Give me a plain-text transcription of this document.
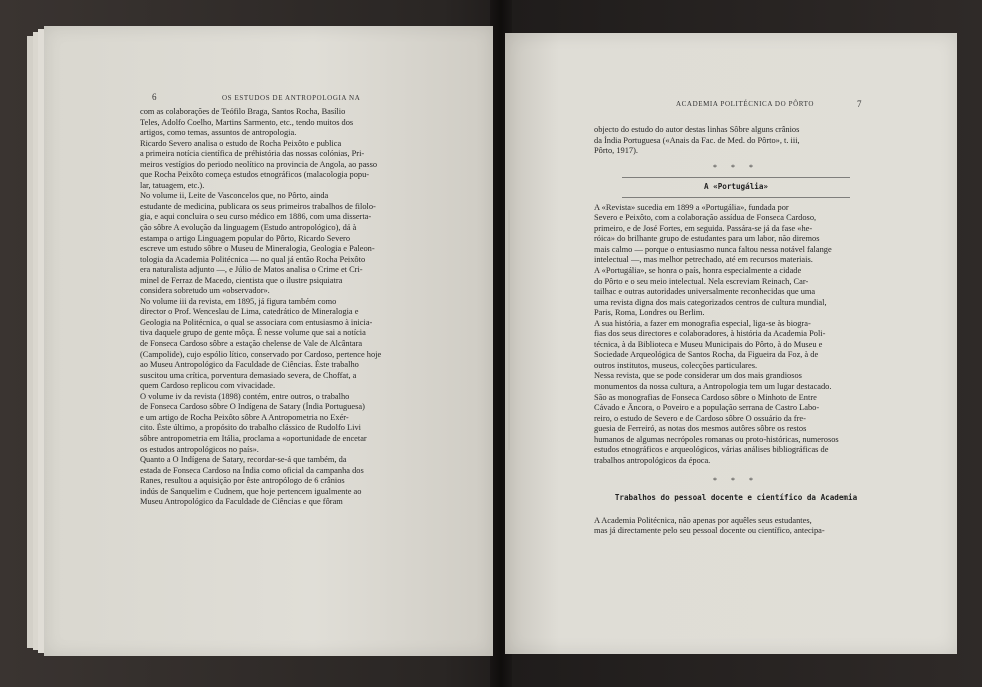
6	OS ESTUDOS DE ANTROPOLOGIA NA
com as colaborações de Teófilo Braga, Santos Rocha, Basílio
Teles, Adolfo Coelho, Martins Sarmento, etc., tendo muitos dos
artigos, como temas, assuntos de antropologia.
Ricardo Severo analisa o estudo de Rocha Peixôto e publica
a primeira notícia científica de préhistória das nossas colónias, Pri-
meiros vestígios do periodo neolítico na provincia de Angola, ao passo
que Rocha Peixôto começa estudos etnográficos (malacologia popu-
lar, tatuagem, etc.).
No volume ii, Leite de Vasconcelos que, no Pôrto, ainda
estudante de medicina, publicara os seus primeiros trabalhos de filolo-
gia, e aqui concluira o seu curso médico em 1886, com uma disserta-
ção sôbre A evolução da linguagem (Estudo antropológico), dá à
estampa o artigo Linguagem popular do Pôrto, Ricardo Severo
escreve um estudo sôbre o Museu de Mineralogia, Geologia e Paleon-
tologia da Academia Politécnica — no qual já então Rocha Peixôto
era naturalista adjunto —, e Júlio de Matos analisa o Crime et Cri-
minel de Ferraz de Macedo, cientista que o ilustre psiquiatra
considera sobretudo um «observador».
No volume iii da revista, em 1895, já figura também como
director o Prof. Wenceslau de Lima, catedrático de Mineralogia e
Geologia na Politécnica, o qual se associara com entusiasmo à inicia-
tiva daquele grupo de gente môça. É nesse volume que sai a notícia
de Fonseca Cardoso sôbre a estação chelense de Vale de Alcântara
(Campolide), cujo espólio lítico, conservado por Cardoso, pertence hoje
ao Museu Antropológico da Faculdade de Ciências. Éste trabalho
suscitou uma crítica, porventura demasiado severa, de Choffat, a
quem Cardoso replicou com vivacidade.
O volume iv da revista (1898) contém, entre outros, o trabalho
de Fonseca Cardoso sôbre O Indígena de Satary (Índia Portuguesa)
e um artigo de Rocha Peixôto sôbre A Antropometria no Exér-
cito. Éste último, a propósito do trabalho clássico de Rudolfo Livi
sôbre antropometria em Itália, proclama a «oportunidade de encetar
os estudos antropológicos no país».
Quanto a O Indígena de Satary, recordar-se-á que também, da
estada de Fonseca Cardoso na Índia como oficial da campanha dos
Ranes, resultou a aquisição por êste antropólogo de 6 crânios
indús de Sanquelim e Cudnem, que hoje pertencem igualmente ao
Museu Antropológico da Faculdade de Ciências e que fôram
ACADEMIA POLITÉCNICA DO PÔRTO	7
objecto do estudo do autor destas linhas Sôbre alguns crânios
da Índia Portuguesa («Anais da Fac. de Med. do Pôrto», t. iii,
Pôrto, 1917).
* * *
A «Portugália»
A «Revista» sucedia em 1899 a «Portugália», fundada por
Severo e Peixôto, com a colaboração assídua de Fonseca Cardoso,
primeiro, e de José Fortes, em seguida. Passára-se já da fase «he-
róica» do brilhante grupo de estudantes para um labor, não diremos
mais calmo — porque o entusiasmo nunca faltou nessa notável falange
intelectual —, mas melhor petrechado, até em recursos materiais.
A «Portugália», se honra o país, honra especialmente a cidade
do Pôrto e o seu meio intelectual. Nela escreviam Reinach, Car-
tailhac e outras autoridades universalmente reconhecidas que uma
uma revista digna dos mais categorizados centros de cultura mundial,
Paris, Roma, Londres ou Berlim.
A sua história, a fazer em monografia especial, liga-se às biogra-
fias dos seus directores e colaboradores, à história da Academia Poli-
técnica, à da Biblioteca e Museu Municipais do Pôrto, à do Museu e
Sociedade Arqueológica de Santos Rocha, da Figueira da Foz, à de
outros institutos, museus, colecções particulares.
Nessa revista, que se pode considerar um dos mais grandiosos
monumentos da nossa cultura, a Antropologia tem um lugar destacado.
São as monografias de Fonseca Cardoso sôbre o Minhoto de Entre
Cávado e Âncora, o Poveiro e a população serrana de Castro Labo-
reiro, o estudo de Severo e de Cardoso sôbre O ossuário da fre-
guesia de Ferreiró, as notas dos mesmos autôres sôbre os restos
humanos de algumas necrópoles romanas ou proto-históricas, numerosos
estudos etnográficos e arqueológicos, várias análises bibliográficas de
trabalhos antropológicos da época.
* * *
Trabalhos do pessoal docente e científico da Academia
A Academia Politécnica, não apenas por aquêles seus estudantes,
mas já directamente pelo seu pessoal docente ou científico, antecipa-
